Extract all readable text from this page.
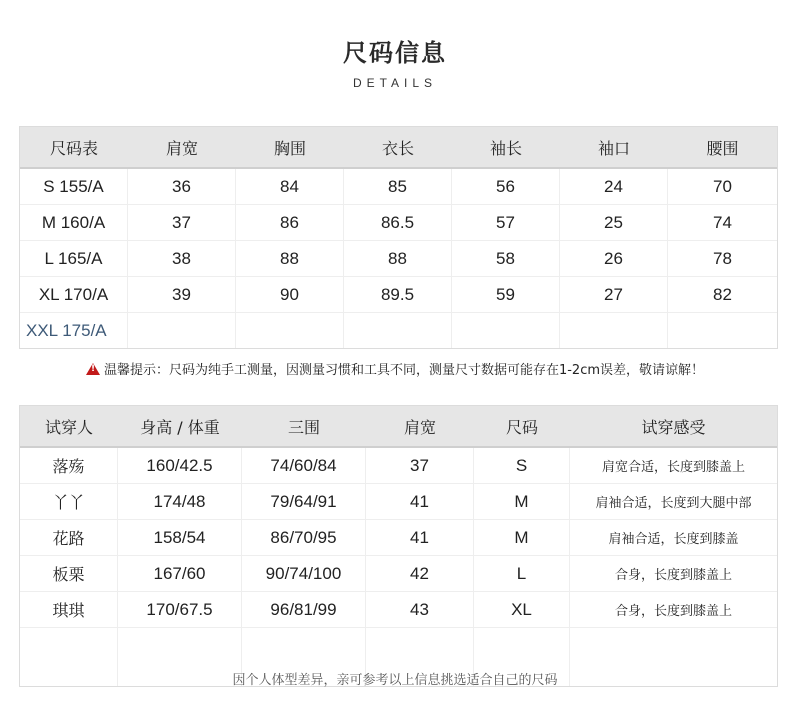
尺码信息
DETAILS
尺码表	肩宽	胸围	衣长	袖长	袖口	腰围
S 155/A	36	84	85	56	24	70
M 160/A	37	86	86.5	57	25	74
L 165/A	38	88	88	58	26	78
XL 170/A	39	90	89.5	59	27	82
XXL 175/A						
!温馨提示：尺码为纯手工测量，因测量习惯和工具不同，测量尺寸数据可能存在1-2cm误差，敬请谅解！
试穿人	身高 / 体重	三围	肩宽	尺码	试穿感受
落殇	160/42.5	74/60/84	37	S	肩宽合适，长度到膝盖上
丫丫	174/48	79/64/91	41	M	肩袖合适，长度到大腿中部
花路	158/54	86/70/95	41	M	肩袖合适，长度到膝盖
板栗	167/60	90/74/100	42	L	合身，长度到膝盖上
琪琪	170/67.5	96/81/99	43	XL	合身，长度到膝盖上

因个人体型差异，亲可参考以上信息挑选适合自己的尺码
